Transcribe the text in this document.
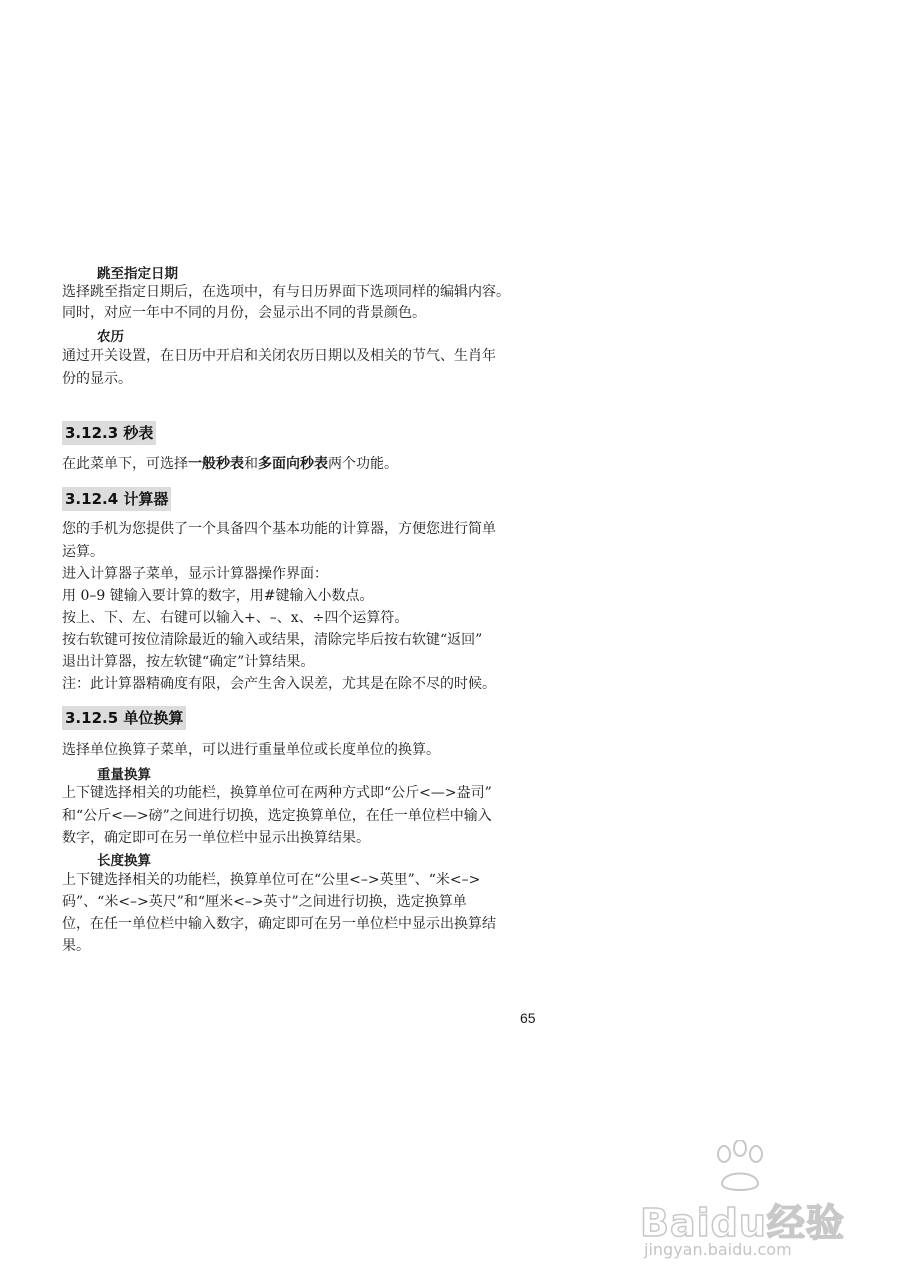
跳至指定日期
选择跳至指定日期后，在选项中，有与日历界面下选项同样的编辑内容。
同时，对应一年中不同的月份，会显示出不同的背景颜色。
农历
通过开关设置，在日历中开启和关闭农历日期以及相关的节气、生肖年
份的显示。
3.12.3 秒表
在此菜单下，可选择一般秒表和多面向秒表两个功能。
3.12.4 计算器
您的手机为您提供了一个具备四个基本功能的计算器，方便您进行简单
运算。
进入计算器子菜单，显示计算器操作界面：
用 0–9 键输入要计算的数字，用#键输入小数点。
按上、下、左、右键可以输入+、–、x、÷四个运算符。
按右软键可按位清除最近的输入或结果，清除完毕后按右软键“返回”
退出计算器，按左软键“确定”计算结果。
注：此计算器精确度有限，会产生舍入误差，尤其是在除不尽的时候。
3.12.5 单位换算
选择单位换算子菜单，可以进行重量单位或长度单位的换算。
重量换算
上下键选择相关的功能栏，换算单位可在两种方式即“公斤<—>盎司”
和“公斤<—>磅”之间进行切换，选定换算单位，在任一单位栏中输入
数字，确定即可在另一单位栏中显示出换算结果。
长度换算
上下键选择相关的功能栏，换算单位可在“公里<–>英里”、“米<–>
码”、“米<–>英尺”和“厘米<–>英寸”之间进行切换，选定换算单
位，在任一单位栏中输入数字，确定即可在另一单位栏中显示出换算结
果。
65
Baidu经验
jingyan.baidu.com
